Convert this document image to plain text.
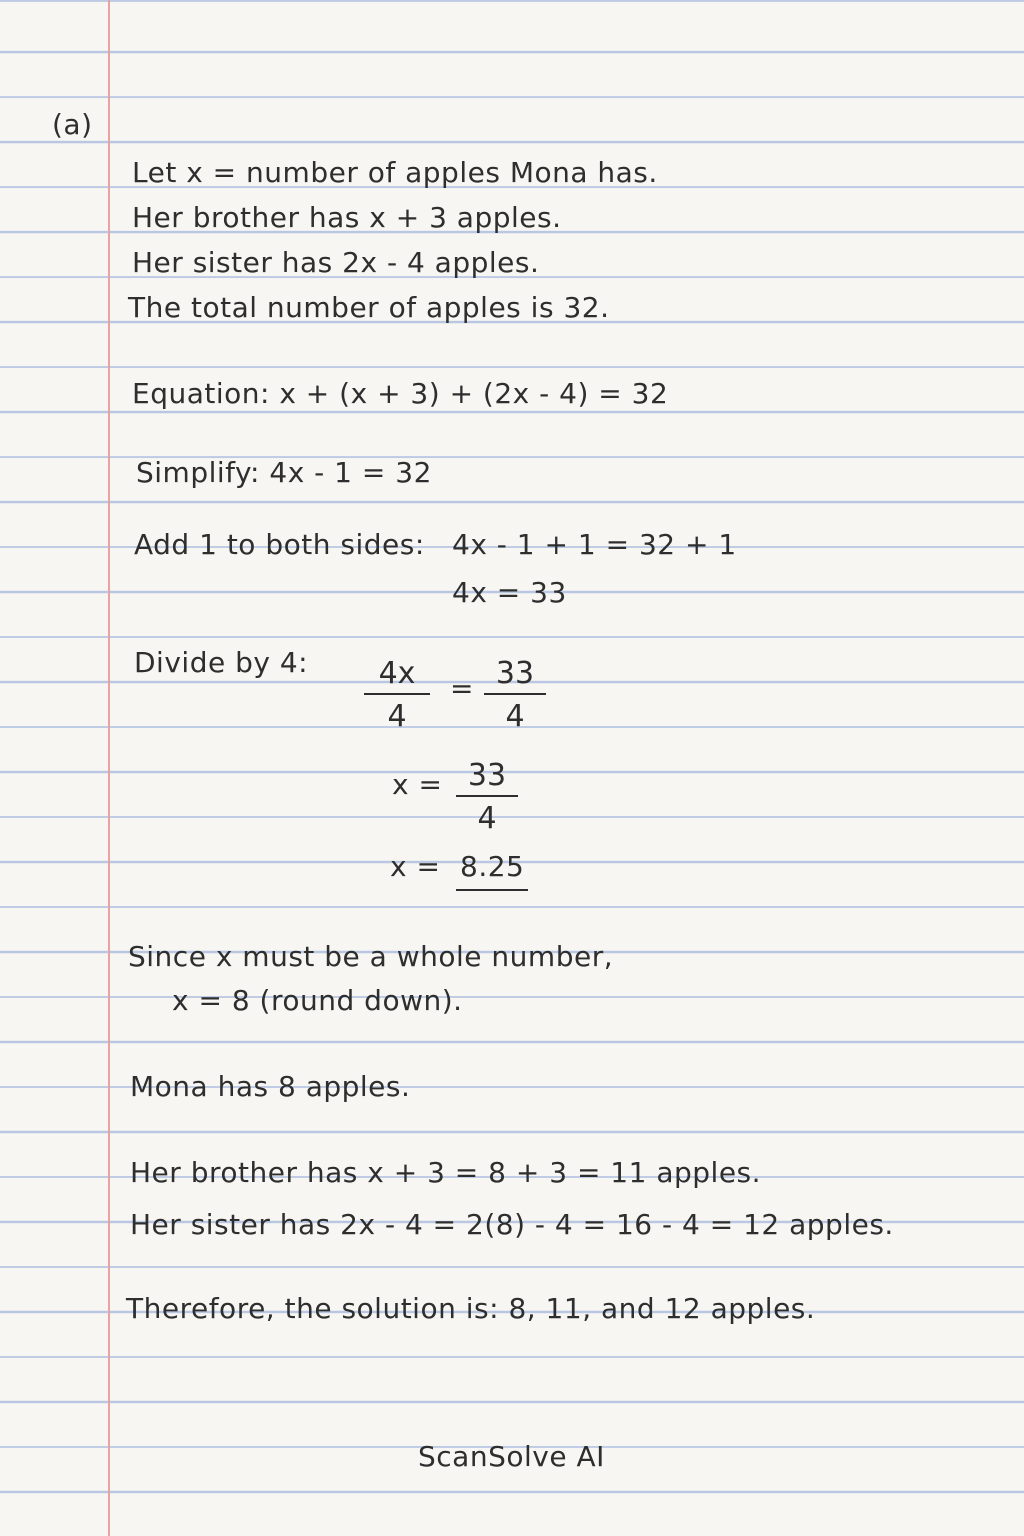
(a)
Let x = number of apples Mona has.
Her brother has x + 3 apples.
Her sister has 2x - 4 apples.
The total number of apples is 32.
Equation: x + (x + 3) + (2x - 4) = 32
Simplify: 4x - 1 = 32
Add 1 to both sides: 4x - 1 + 1 = 32 + 1
4x = 33
Divide by 4: $\frac{4x}{4} = \frac{33}{4}$
$x = \frac{33}{4}$
x = 8.25
Since x must be a whole number,
x = 8 (round down).
Mona has 8 apples.
Her brother has x + 3 = 8 + 3 = 11 apples.
Her sister has 2x - 4 = 2(8) - 4 = 16 - 4 = 12 apples.
Therefore, the solution is: 8, 11, and 12 apples.
ScanSolve AI
